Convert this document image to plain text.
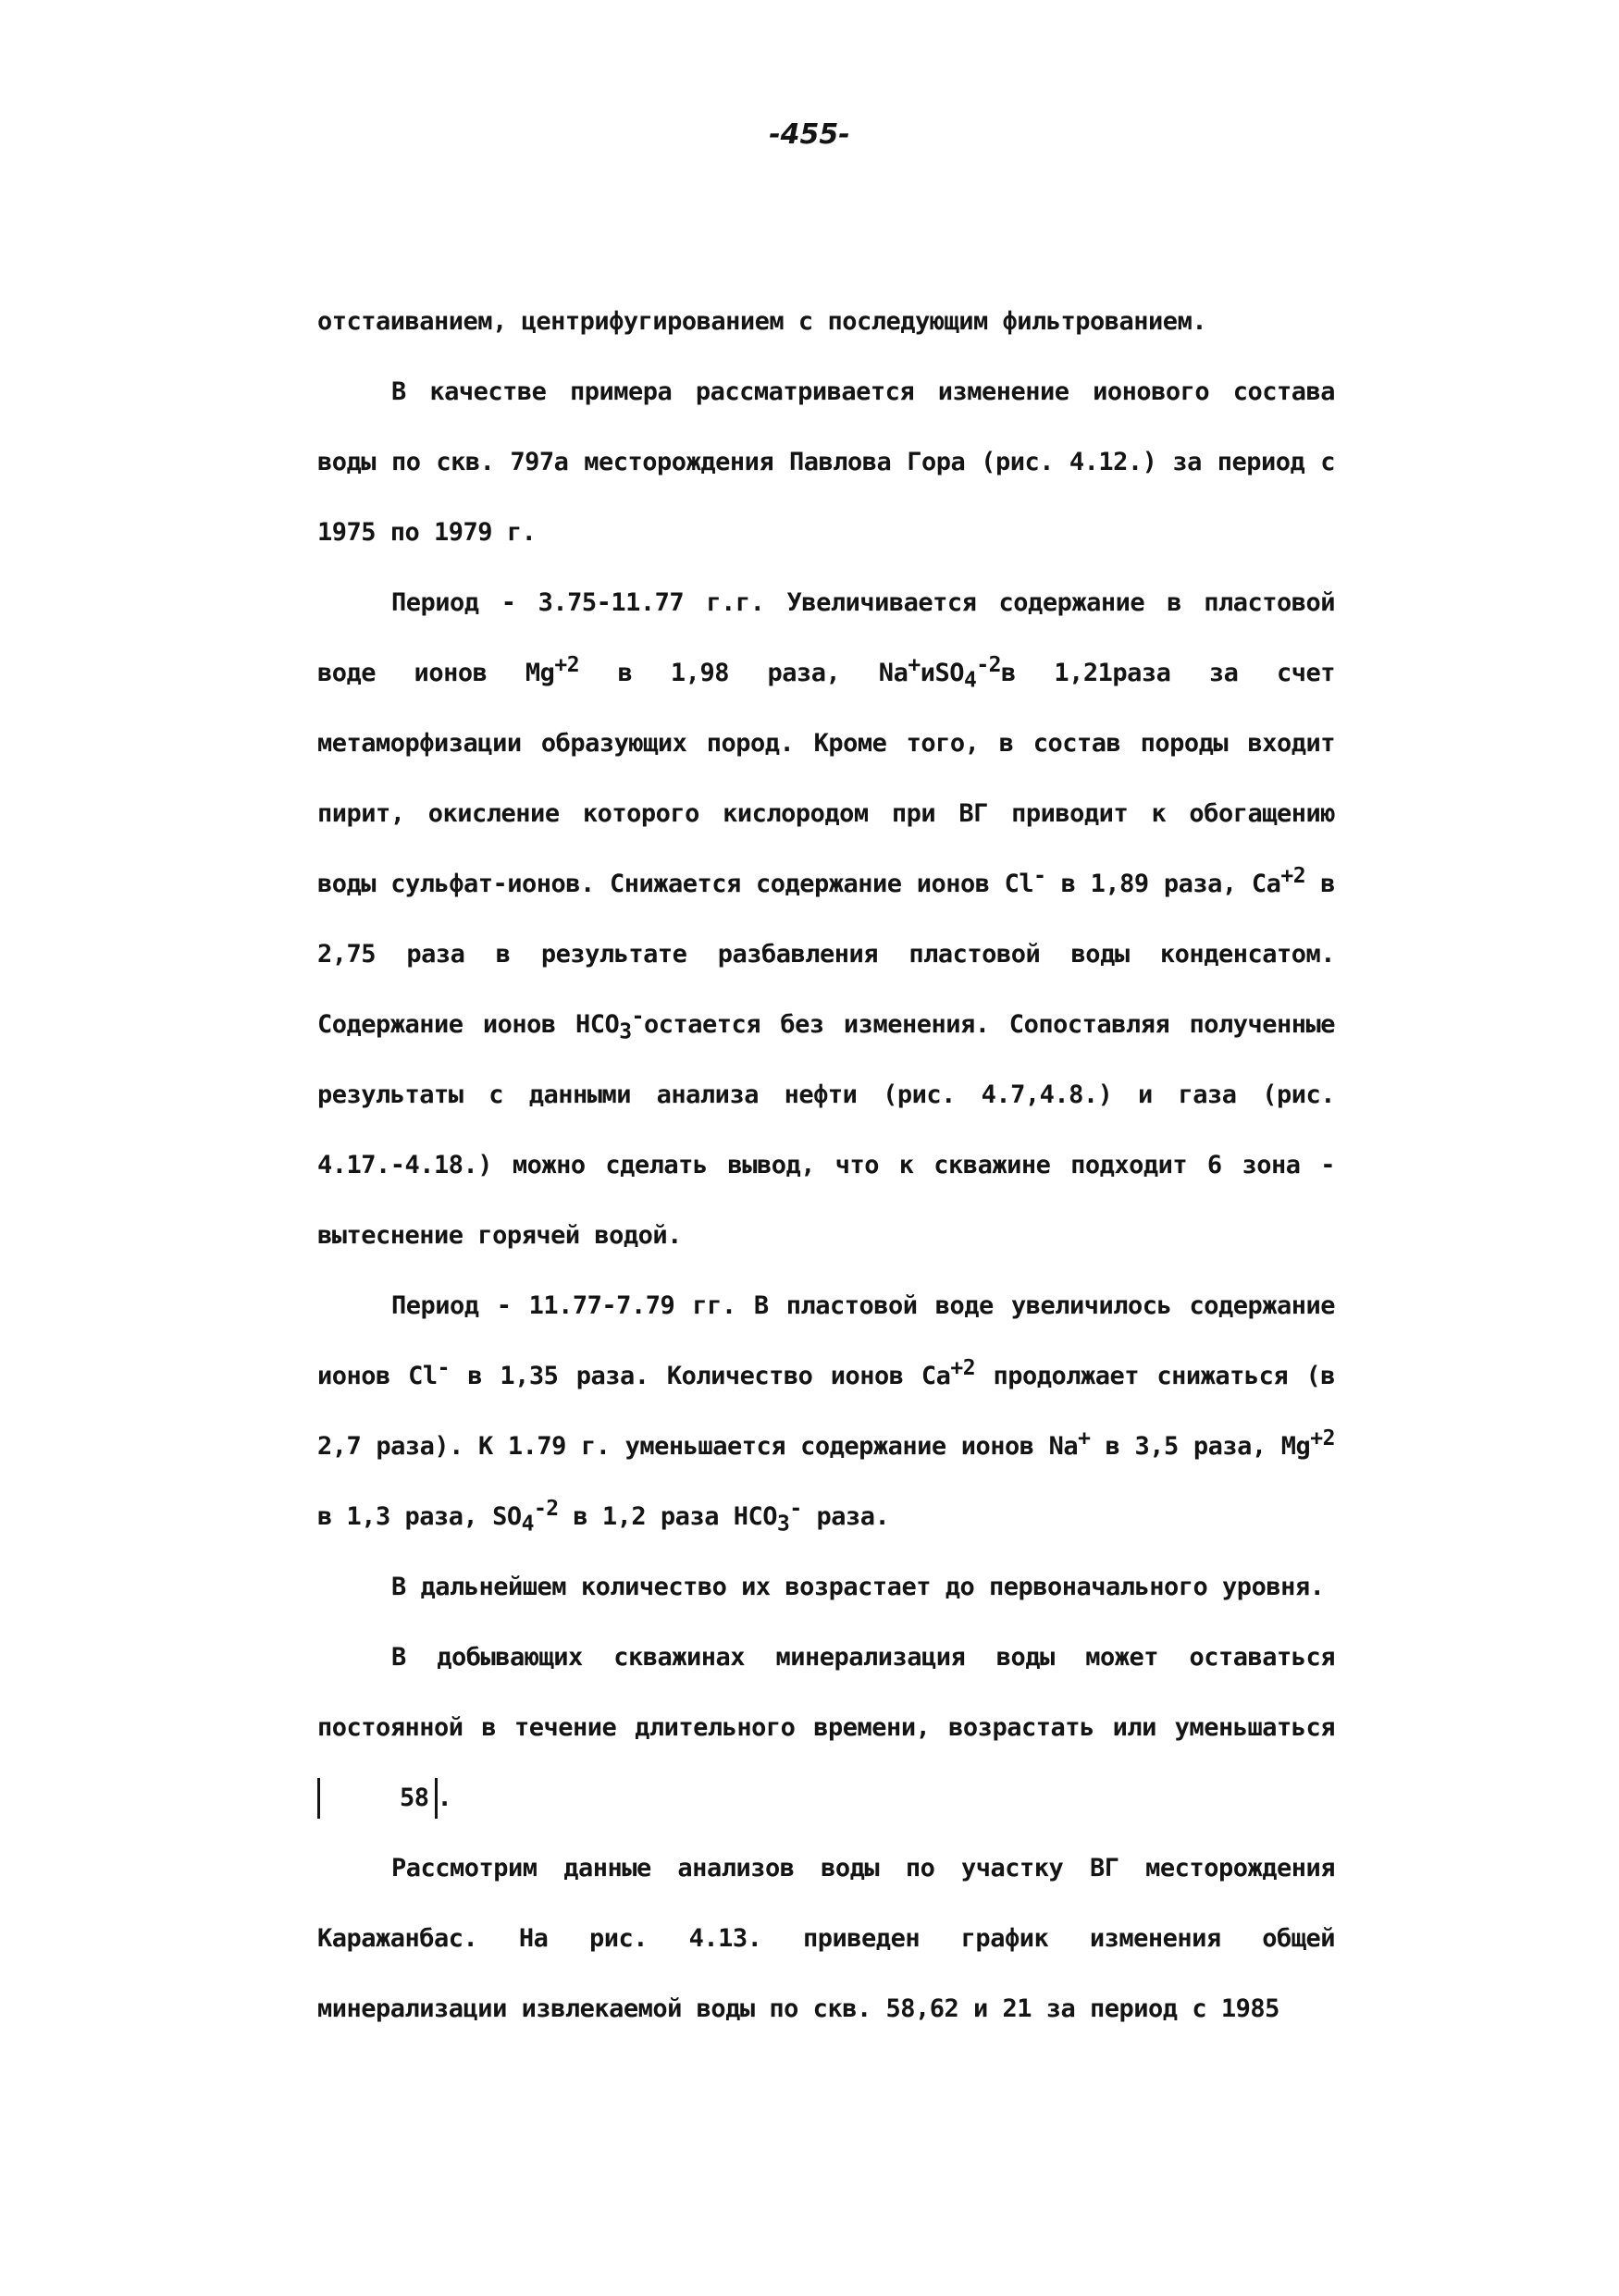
-455-

отстаиванием, центрифугированием с последующим фильтрованием.

В качестве примера рассматривается изменение ионового состава воды по скв. 797а месторождения Павлова Гора (рис. 4.12.) за период с 1975 по 1979 г.

Период - 3.75-11.77 г.г. Увеличивается содержание в пластовой воде ионов $Mg^{+2}$ в 1,98 раза, Na+иSO$_4^{-2}$в 1,21раза за счет метаморфизации образующих пород. Кроме того, в состав породы входит пирит, окисление которого кислородом при ВГ приводит к обогащению воды сульфат-ионов. Снижается содержание ионов Cl- в 1,89 раза, $Ca^{+2}$ в 2,75 раза в результате разбавления пластовой воды конденсатом. Содержание ионов $HCO_3^-остается$ без изменения. Сопоставляя полученные результаты с данными анализа нефти (рис. 4.7,4.8.) и газа (рис. 4.17.-4.18.) можно сделать вывод, что к скважине подходит 6 зона - вытеснение горячей водой.

Период - 11.77-7.79 гг. В пластовой воде увеличилось содержание ионов Cl- в 1,35 раза. Количество ионов $Ca^{+2}$ продолжает снижаться (в 2,7 раза). К 1.79 г. уменьшается содержание ионов Na+ в 3,5 раза, $Mg^{+2}$ в 1,3 раза, $SO_4^{-2}$ в 1,2 раза $HCO_3^-$ раза.

В дальнейшем количество их возрастает до первоначального уровня.

В добывающих скважинах минерализация воды может оставаться постоянной в течение длительного времени, возрастать или уменьшаться 58 .

Рассмотрим данные анализов воды по участку ВГ месторождения Каражанбас. На рис. 4.13. приведен график изменения общей минерализации извлекаемой воды по скв. 58,62 и 21 за период с 1985
